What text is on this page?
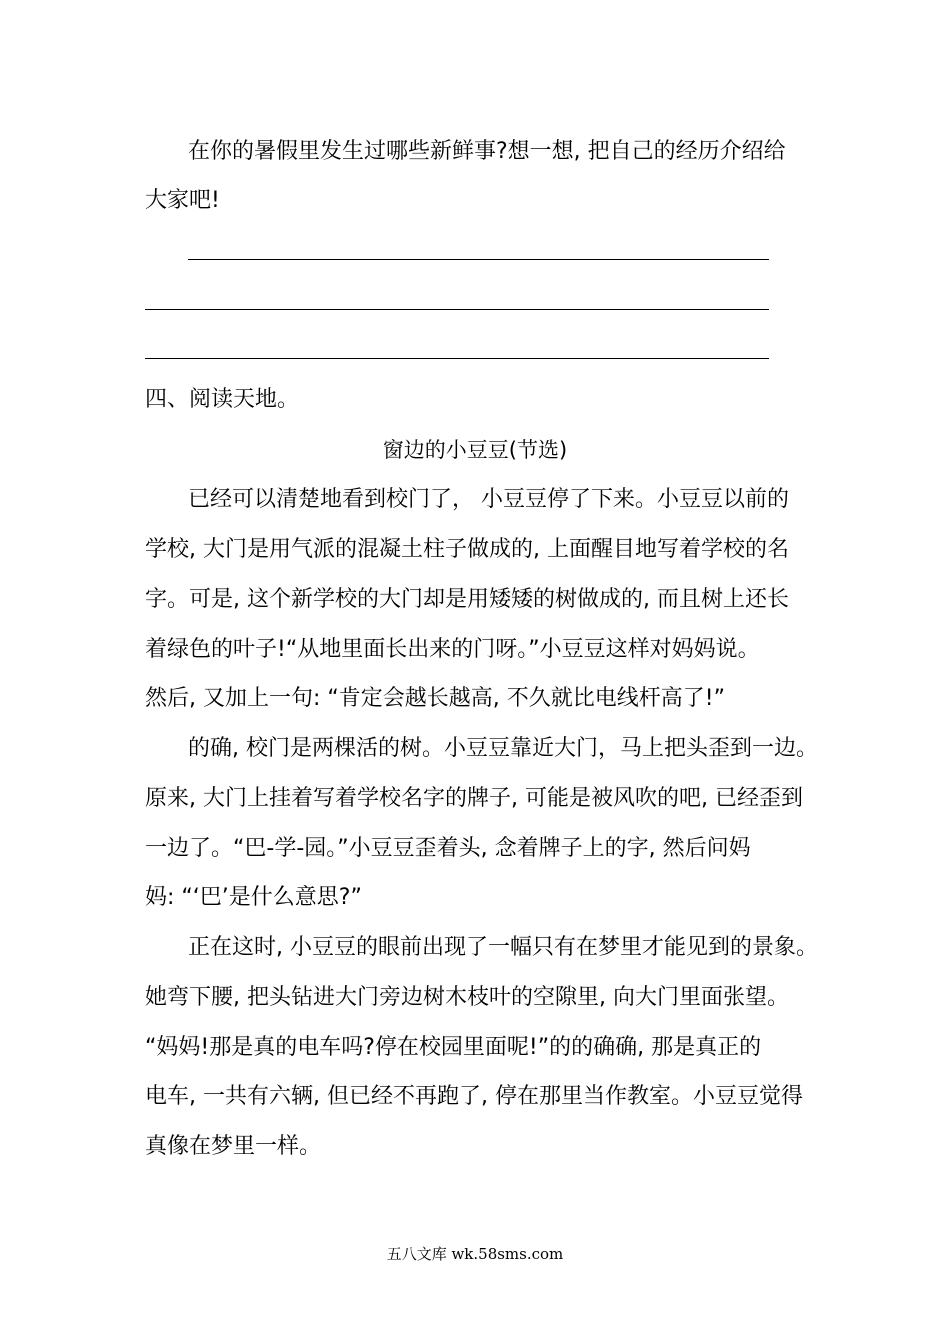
在你的暑假里发生过哪些新鲜事?想一想, 把自己的经历介绍给
大家吧!
四、阅读天地。
窗边的小豆豆(节选)
已经可以清楚地看到校门了， 小豆豆停了下来。小豆豆以前的
学校, 大门是用气派的混凝土柱子做成的, 上面醒目地写着学校的名
字。可是, 这个新学校的大门却是用矮矮的树做成的, 而且树上还长
着绿色的叶子!“从地里面长出来的门呀。”小豆豆这样对妈妈说。
然后, 又加上一句: “肯定会越长越高, 不久就比电线杆高了!”
的确, 校门是两棵活的树。小豆豆靠近大门，马上把头歪到一边。
原来, 大门上挂着写着学校名字的牌子, 可能是被风吹的吧, 已经歪到
一边了。“巴-学-园。”小豆豆歪着头, 念着牌子上的字, 然后问妈
妈: “‘巴’是什么意思?”
正在这时, 小豆豆的眼前出现了一幅只有在梦里才能见到的景象。
她弯下腰, 把头钻进大门旁边树木枝叶的空隙里, 向大门里面张望。
“妈妈!那是真的电车吗?停在校园里面呢!”的的确确, 那是真正的
电车, 一共有六辆, 但已经不再跑了, 停在那里当作教室。小豆豆觉得
真像在梦里一样。
五八文库 wk.58sms.com
